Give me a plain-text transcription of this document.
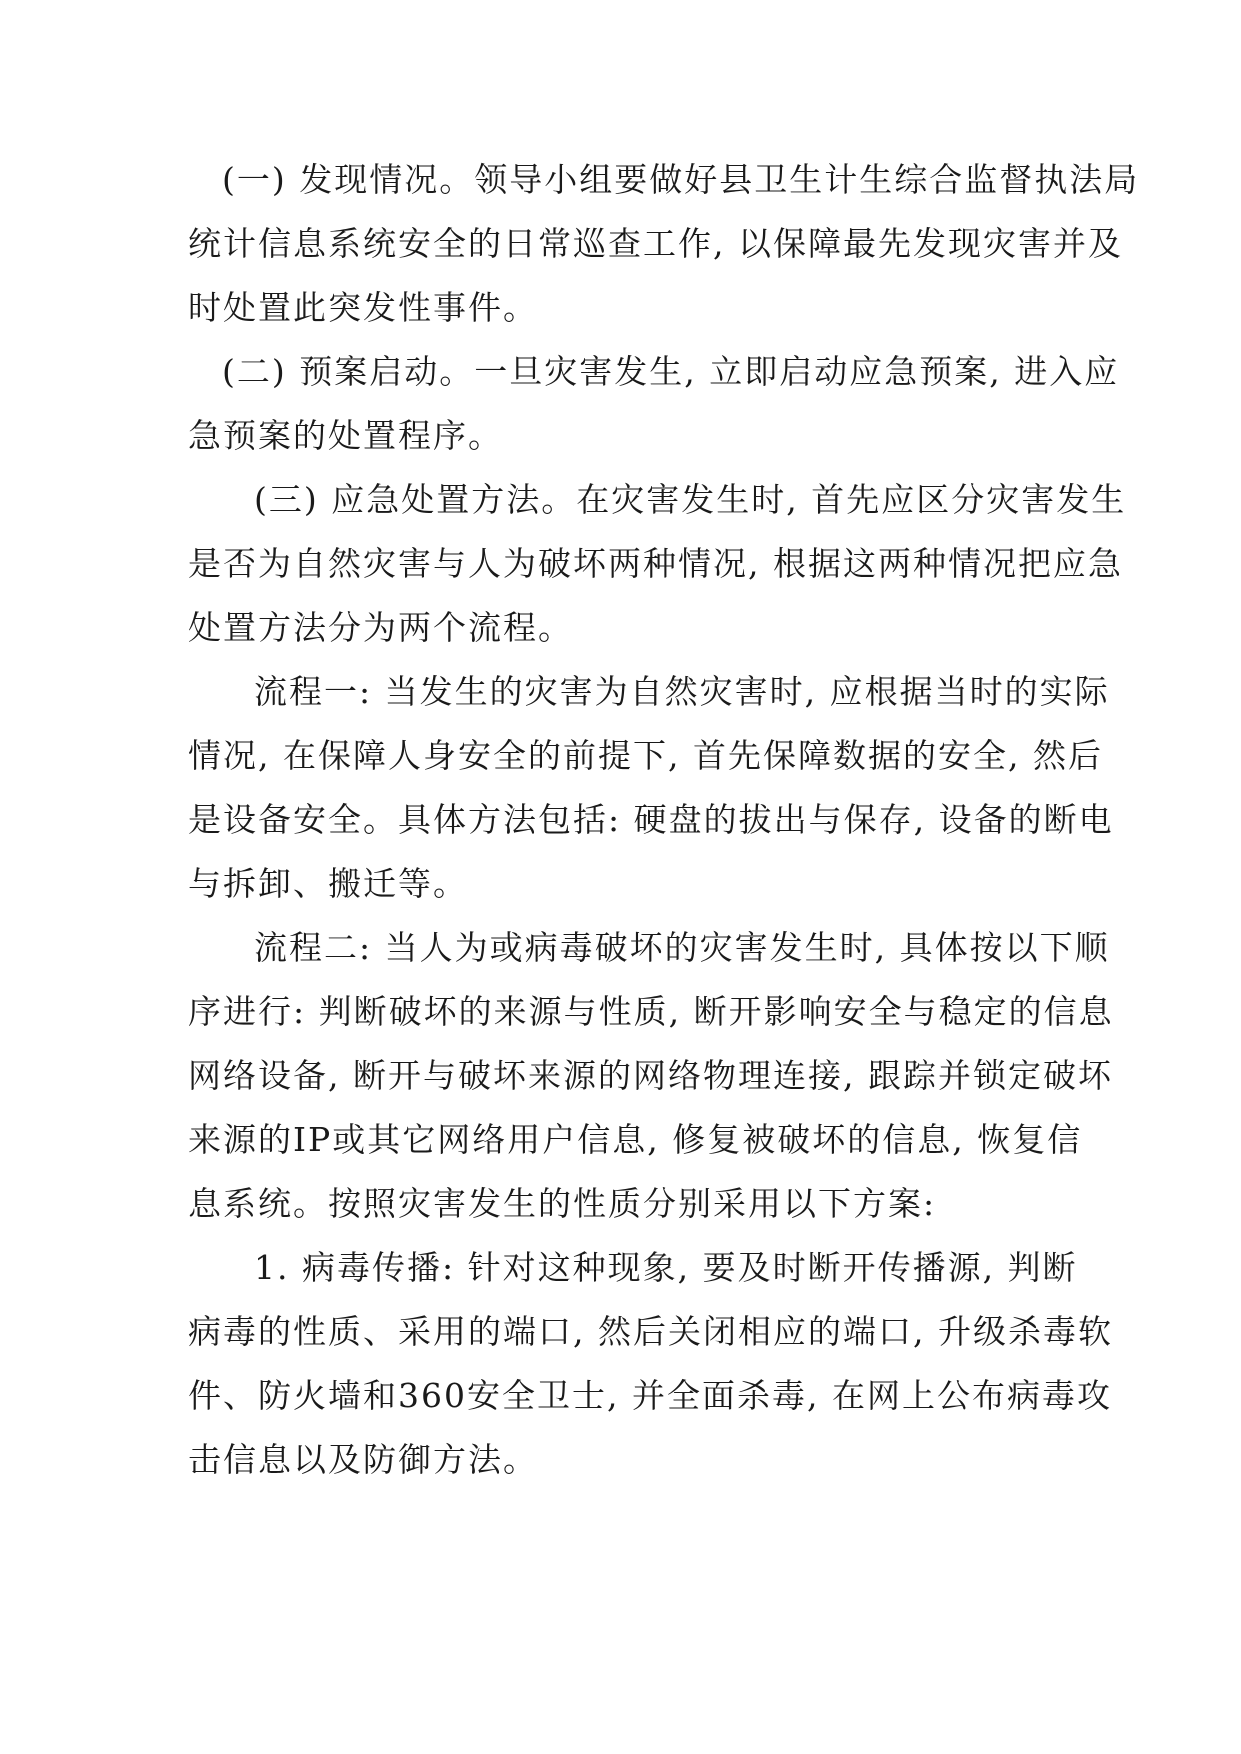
(一) 发现情况。领导小组要做好县卫生计生综合监督执法局
统计信息系统安全的日常巡查工作, 以保障最先发现灾害并及
时处置此突发性事件。
(二) 预案启动。一旦灾害发生, 立即启动应急预案, 进入应
急预案的处置程序。
(三) 应急处置方法。在灾害发生时, 首先应区分灾害发生
是否为自然灾害与人为破坏两种情况, 根据这两种情况把应急
处置方法分为两个流程。
流程一: 当发生的灾害为自然灾害时, 应根据当时的实际
情况, 在保障人身安全的前提下, 首先保障数据的安全, 然后
是设备安全。具体方法包括: 硬盘的拔出与保存, 设备的断电
与拆卸、搬迁等。
流程二: 当人为或病毒破坏的灾害发生时, 具体按以下顺
序进行: 判断破坏的来源与性质, 断开影响安全与稳定的信息
网络设备, 断开与破坏来源的网络物理连接, 跟踪并锁定破坏
来源的IP或其它网络用户信息, 修复被破坏的信息, 恢复信
息系统。按照灾害发生的性质分别采用以下方案:
1. 病毒传播: 针对这种现象, 要及时断开传播源, 判断
病毒的性质、采用的端口, 然后关闭相应的端口, 升级杀毒软
件、防火墙和360安全卫士, 并全面杀毒, 在网上公布病毒攻
击信息以及防御方法。
